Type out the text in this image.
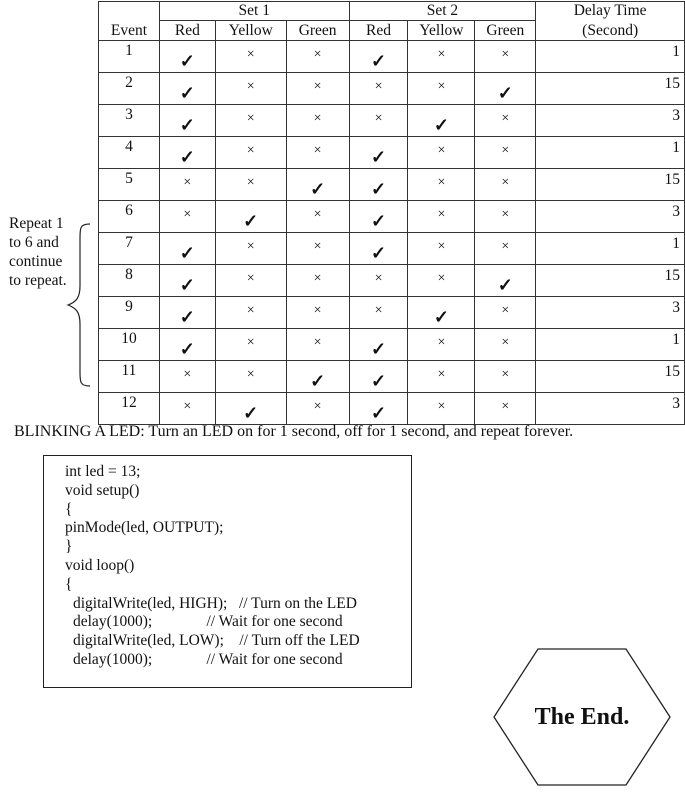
	Set 1			Set 2			Delay Time
Event	Red	Yellow	Green	Red	Yellow	Green	(Second)
1	✓	×	×	✓	×	×	1
2	✓	×	×	×	×	✓	15
3	✓	×	×	×	✓	×	3
4	✓	×	×	✓	×	×	1
5	×	×	✓	✓	×	×	15
6	×	✓	×	✓	×	×	3
7	✓	×	×	✓	×	×	1
8	✓	×	×	×	×	✓	15
9	✓	×	×	×	✓	×	3
10	✓	×	×	✓	×	×	1
11	×	×	✓	✓	×	×	15
12	×	✓	×	✓	×	×	3
Repeat 1
to 6 and
continue
to repeat.
BLINKING A LED: Turn an LED on for 1 second, off for 1 second, and repeat forever.
int led = 13;
void setup()
{
pinMode(led, OUTPUT);
}
void loop()
{
digitalWrite(led, HIGH);   // Turn on the LED
delay(1000);              // Wait for one second
digitalWrite(led, LOW);    // Turn off the LED
delay(1000);              // Wait for one second
The End.
